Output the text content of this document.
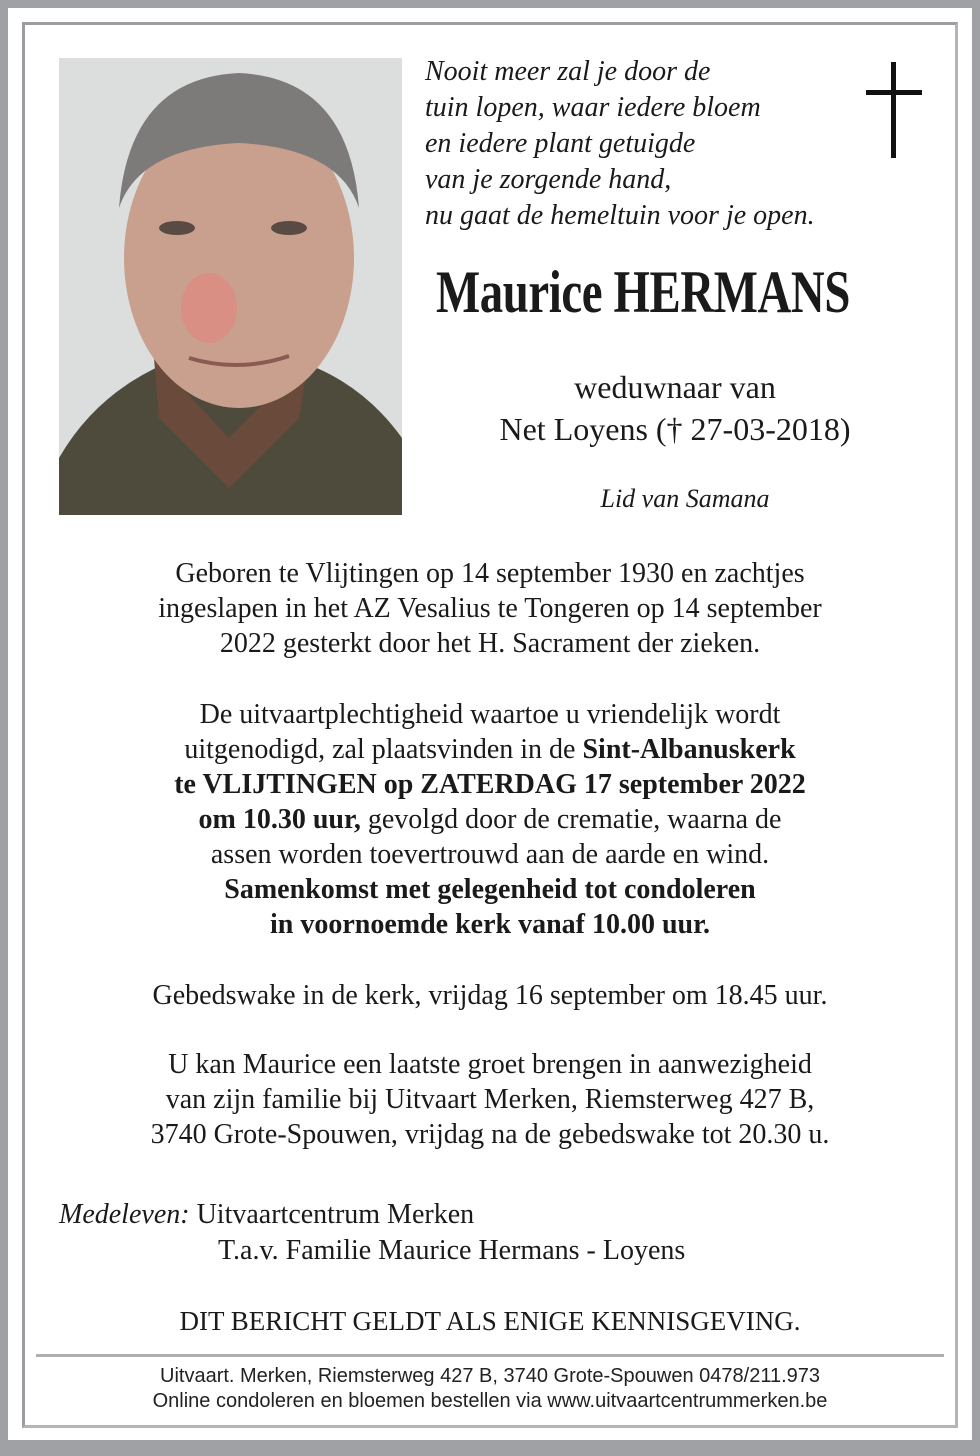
Nooit meer zal je door de
tuin lopen, waar iedere bloem
en iedere plant getuigde
van je zorgende hand,
nu gaat de hemeltuin voor je open.
Maurice HERMANS
weduwnaar van
Net Loyens († 27-03-2018)
Lid van Samana
Geboren te Vlijtingen op 14 september 1930 en zachtjes
ingeslapen in het AZ Vesalius te Tongeren op 14 september
2022 gesterkt door het H. Sacrament der zieken.
De uitvaartplechtigheid waartoe u vriendelijk wordt
uitgenodigd, zal plaatsvinden in de Sint-Albanuskerk
te VLIJTINGEN op ZATERDAG 17 september 2022
om 10.30 uur, gevolgd door de crematie, waarna de
assen worden toevertrouwd aan de aarde en wind.
Samenkomst met gelegenheid tot condoleren
in voornoemde kerk vanaf 10.00 uur.
Gebedswake in de kerk, vrijdag 16 september om 18.45 uur.
U kan Maurice een laatste groet brengen in aanwezigheid
van zijn familie bij Uitvaart Merken, Riemsterweg 427 B,
3740 Grote-Spouwen, vrijdag na de gebedswake tot 20.30 u.
Medeleven: Uitvaartcentrum Merken
T.a.v. Familie Maurice Hermans - Loyens
DIT BERICHT GELDT ALS ENIGE KENNISGEVING.
Uitvaart. Merken, Riemsterweg 427 B, 3740 Grote-Spouwen 0478/211.973
Online condoleren en bloemen bestellen via www.uitvaartcentrummerken.be
